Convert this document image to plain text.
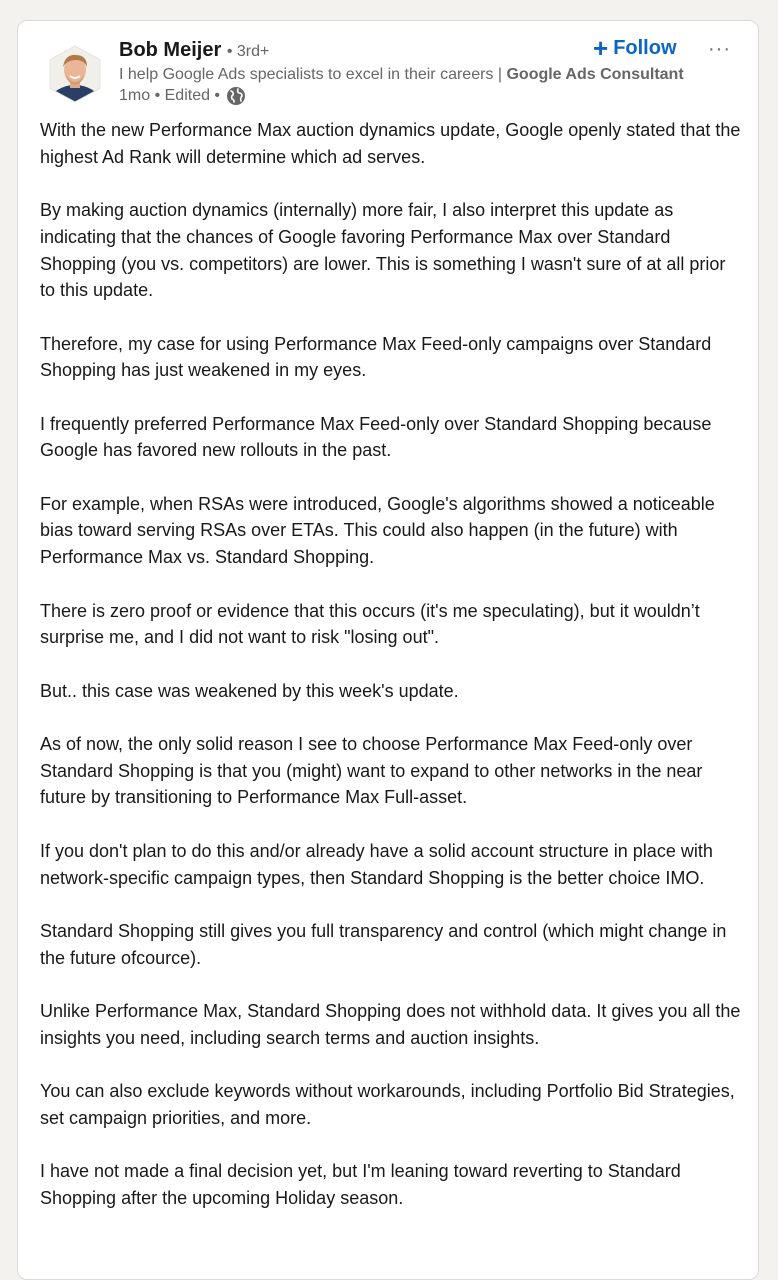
Bob Meijer • 3rd+
I help Google Ads specialists to excel in their careers | Google Ads Consultant
1mo • Edited •
+ Follow ···

With the new Performance Max auction dynamics update, Google openly stated that the highest Ad Rank will determine which ad serves.

By making auction dynamics (internally) more fair, I also interpret this update as indicating that the chances of Google favoring Performance Max over Standard Shopping (you vs. competitors) are lower. This is something I wasn't sure of at all prior to this update.

Therefore, my case for using Performance Max Feed-only campaigns over Standard Shopping has just weakened in my eyes.

I frequently preferred Performance Max Feed-only over Standard Shopping because Google has favored new rollouts in the past.

For example, when RSAs were introduced, Google's algorithms showed a noticeable bias toward serving RSAs over ETAs. This could also happen (in the future) with Performance Max vs. Standard Shopping.

There is zero proof or evidence that this occurs (it's me speculating), but it wouldn’t surprise me, and I did not want to risk "losing out".

But.. this case was weakened by this week's update.

As of now, the only solid reason I see to choose Performance Max Feed-only over Standard Shopping is that you (might) want to expand to other networks in the near future by transitioning to Performance Max Full-asset.

If you don't plan to do this and/or already have a solid account structure in place with network-specific campaign types, then Standard Shopping is the better choice IMO.

Standard Shopping still gives you full transparency and control (which might change in the future ofcource).

Unlike Performance Max, Standard Shopping does not withhold data. It gives you all the insights you need, including search terms and auction insights.

You can also exclude keywords without workarounds, including Portfolio Bid Strategies, set campaign priorities, and more.

I have not made a final decision yet, but I'm leaning toward reverting to Standard Shopping after the upcoming Holiday season.
